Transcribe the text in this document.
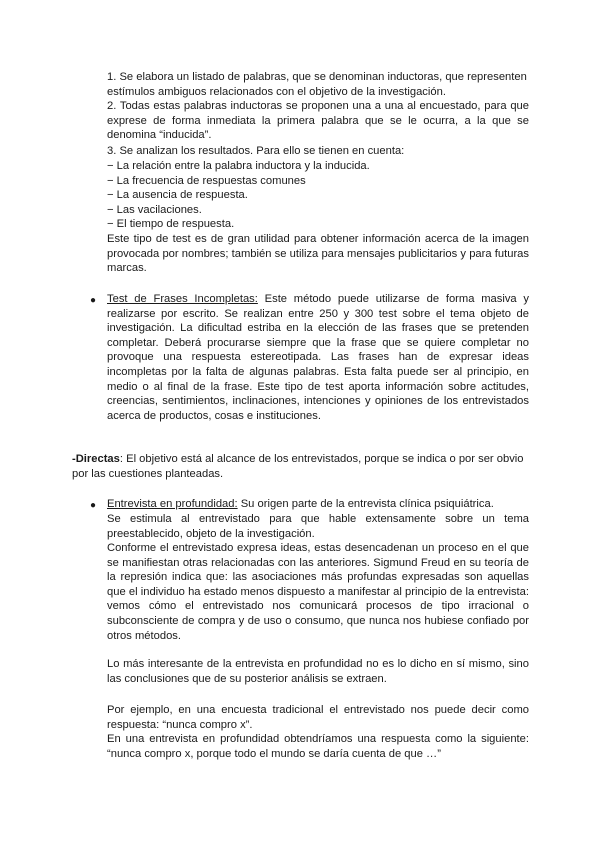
1. Se elabora un listado de palabras, que se denominan inductoras, que representen estímulos ambiguos relacionados con el objetivo de la investigación.

2. Todas estas palabras inductoras se proponen una a una al encuestado, para que exprese de forma inmediata la primera palabra que se le ocurra, a la que se denomina “inducida”.

3. Se analizan los resultados. Para ello se tienen en cuenta:

− La relación entre la palabra inductora y la inducida.

− La frecuencia de respuestas comunes

− La ausencia de respuesta.

− Las vacilaciones.

− El tiempo de respuesta.

Este tipo de test es de gran utilidad para obtener información acerca de la imagen provocada por nombres; también se utiliza para mensajes publicitarios y para futuras marcas.

● Test de Frases Incompletas: Este método puede utilizarse de forma masiva y realizarse por escrito. Se realizan entre 250 y 300 test sobre el tema objeto de investigación. La dificultad estriba en la elección de las frases que se pretenden completar. Deberá procurarse siempre que la frase que se quiere completar no provoque una respuesta estereotipada. Las frases han de expresar ideas incompletas por la falta de algunas palabras. Esta falta puede ser al principio, en medio o al final de la frase. Este tipo de test aporta información sobre actitudes, creencias, sentimientos, inclinaciones, intenciones y opiniones de los entrevistados acerca de productos, cosas e instituciones.

-Directas: El objetivo está al alcance de los entrevistados, porque se indica o por ser obvio por las cuestiones planteadas.

● Entrevista en profundidad: Su origen parte de la entrevista clínica psiquiátrica.

Se estimula al entrevistado para que hable extensamente sobre un tema preestablecido, objeto de la investigación.

Conforme el entrevistado expresa ideas, estas desencadenan un proceso en el que se manifiestan otras relacionadas con las anteriores. Sigmund Freud en su teoría de la represión indica que: las asociaciones más profundas expresadas son aquellas que el individuo ha estado menos dispuesto a manifestar al principio de la entrevista: vemos cómo el entrevistado nos comunicará procesos de tipo irracional o subconsciente de compra y de uso o consumo, que nunca nos hubiese confiado por otros métodos.

Lo más interesante de la entrevista en profundidad no es lo dicho en sí mismo, sino las conclusiones que de su posterior análisis se extraen.

Por ejemplo, en una encuesta tradicional el entrevistado nos puede decir como respuesta: “nunca compro x”.

En una entrevista en profundidad obtendríamos una respuesta como la siguiente: “nunca compro x, porque todo el mundo se daría cuenta de que …”
